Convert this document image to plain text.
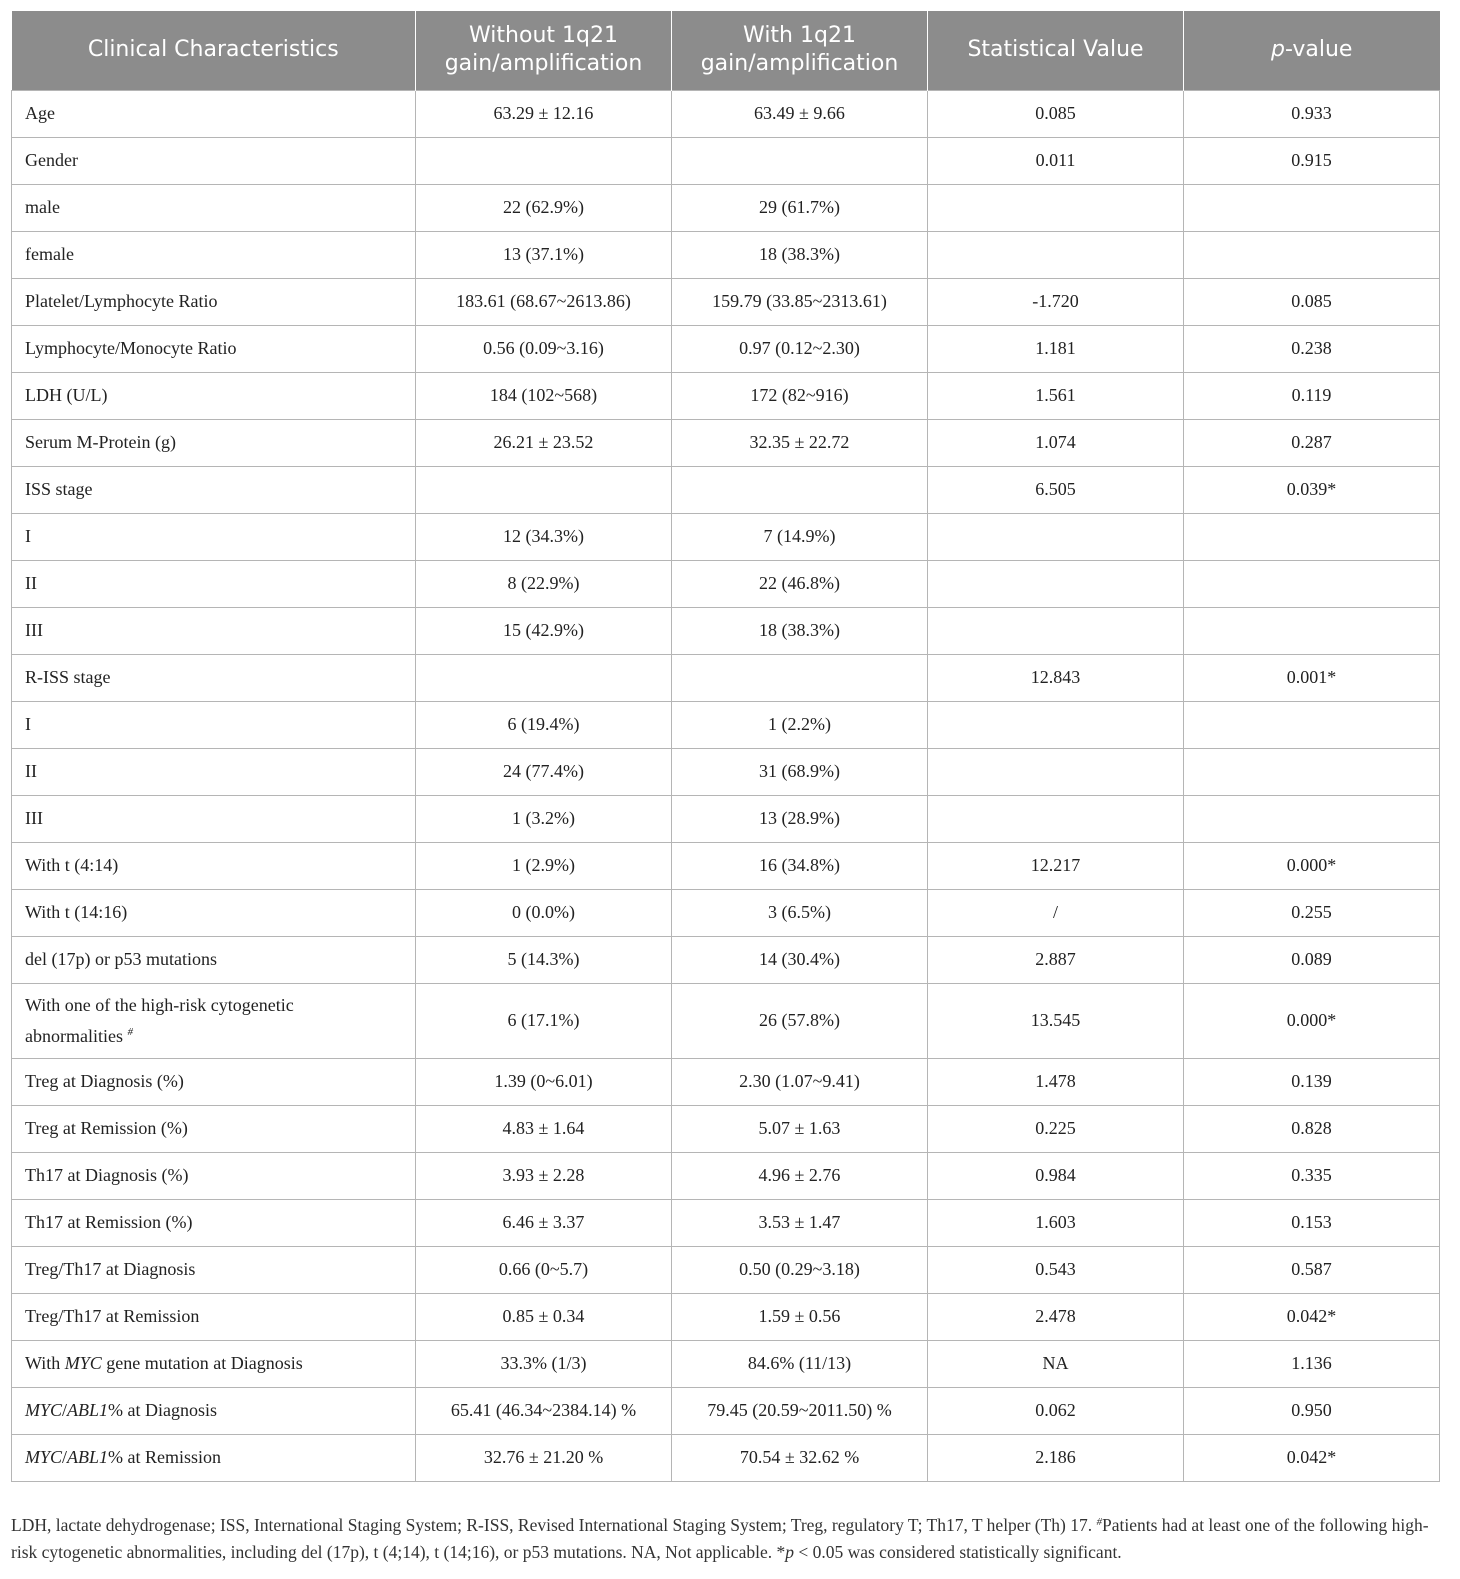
Clinical Characteristics	Without 1q21 gain/amplification	With 1q21 gain/amplification	Statistical Value	p-value
Age	63.29 ± 12.16	63.49 ± 9.66	0.085	0.933
Gender			0.011	0.915
male	22 (62.9%)	29 (61.7%)		
female	13 (37.1%)	18 (38.3%)		
Platelet/Lymphocyte Ratio	183.61 (68.67~2613.86)	159.79 (33.85~2313.61)	-1.720	0.085
Lymphocyte/Monocyte Ratio	0.56 (0.09~3.16)	0.97 (0.12~2.30)	1.181	0.238
LDH (U/L)	184 (102~568)	172 (82~916)	1.561	0.119
Serum M-Protein (g)	26.21 ± 23.52	32.35 ± 22.72	1.074	0.287
ISS stage			6.505	0.039*
I	12 (34.3%)	7 (14.9%)		
II	8 (22.9%)	22 (46.8%)		
III	15 (42.9%)	18 (38.3%)		
R-ISS stage			12.843	0.001*
I	6 (19.4%)	1 (2.2%)		
II	24 (77.4%)	31 (68.9%)		
III	1 (3.2%)	13 (28.9%)		
With t (4:14)	1 (2.9%)	16 (34.8%)	12.217	0.000*
With t (14:16)	0 (0.0%)	3 (6.5%)	/	0.255
del (17p) or p53 mutations	5 (14.3%)	14 (30.4%)	2.887	0.089
With one of the high-risk cytogenetic
abnormalities #	6 (17.1%)	26 (57.8%)	13.545	0.000*
Treg at Diagnosis (%)	1.39 (0~6.01)	2.30 (1.07~9.41)	1.478	0.139
Treg at Remission (%)	4.83 ± 1.64	5.07 ± 1.63	0.225	0.828
Th17 at Diagnosis (%)	3.93 ± 2.28	4.96 ± 2.76	0.984	0.335
Th17 at Remission (%)	6.46 ± 3.37	3.53 ± 1.47	1.603	0.153
Treg/Th17 at Diagnosis	0.66 (0~5.7)	0.50 (0.29~3.18)	0.543	0.587
Treg/Th17 at Remission	0.85 ± 0.34	1.59 ± 0.56	2.478	0.042*
With MYC gene mutation at Diagnosis	33.3% (1/3)	84.6% (11/13)	NA	1.136
MYC/ABL1% at Diagnosis	65.41 (46.34~2384.14) %	79.45 (20.59~2011.50) %	0.062	0.950
MYC/ABL1% at Remission	32.76 ± 21.20 %	70.54 ± 32.62 %	2.186	0.042*
LDH, lactate dehydrogenase; ISS, International Staging System; R-ISS, Revised International Staging System; Treg, regulatory T; Th17, T helper (Th) 17. #Patients had at least one of the following high-risk cytogenetic abnormalities, including del (17p), t (4;14), t (14;16), or p53 mutations. NA, Not applicable. *p < 0.05 was considered statistically significant.
